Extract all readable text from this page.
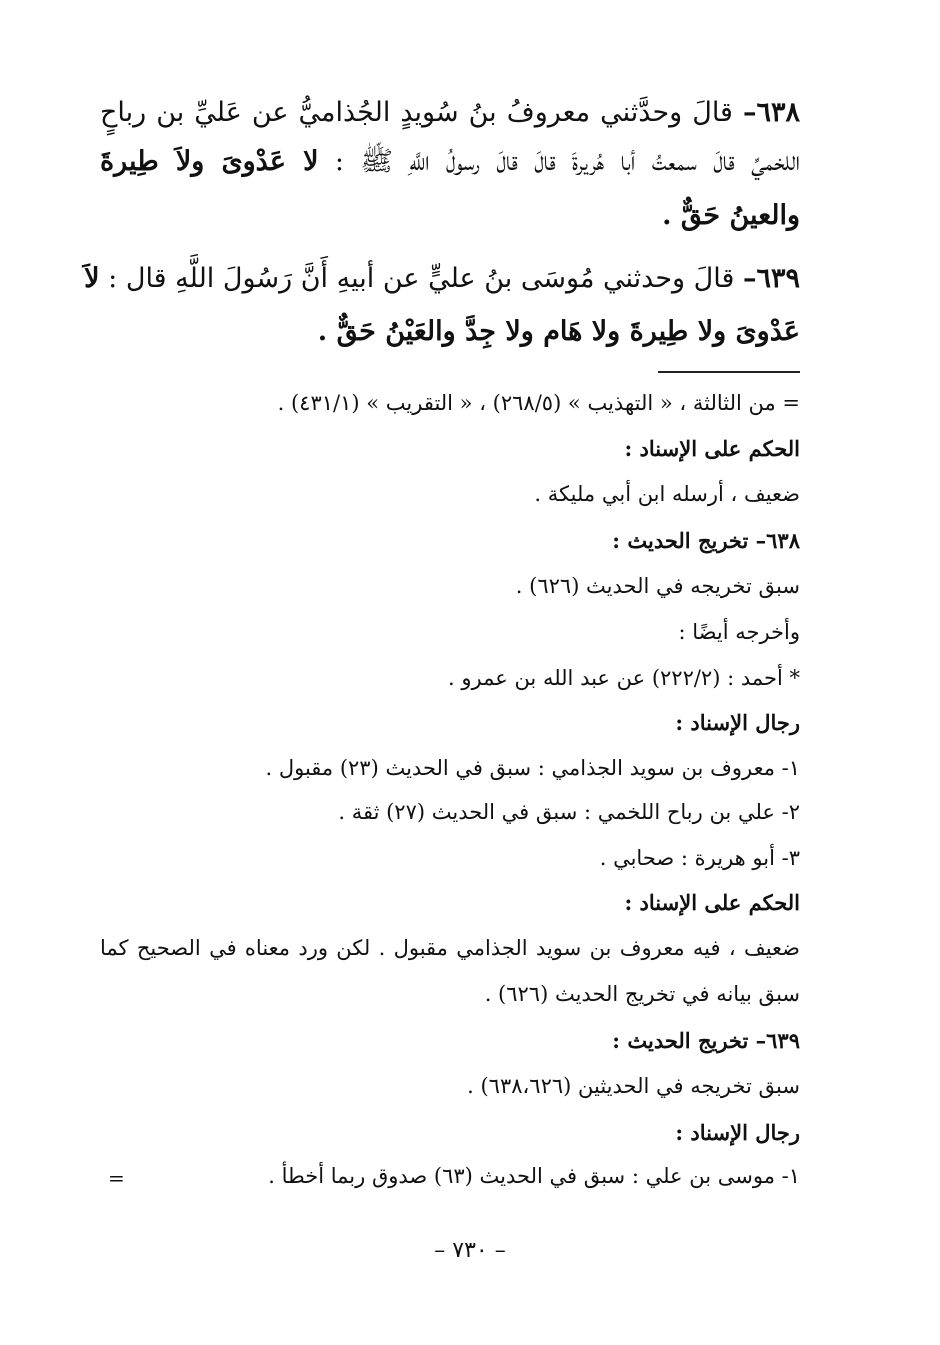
٦٣٨– قالَ وحدَّثني معروفُ بنُ سُويدٍ الجُذاميُّ عن عَليِّ بن رباحٍ
اللخميِّ قالَ سمعتُ أبا هُريرةَ قالَ قالَ رسولُ اللَّهِ ﷺ : لا عَدْوىَ ولاَ طِيرةَ
والعينُ حَقٌّ .
٦٣٩– قالَ وحدثني مُوسَى بنُ عليٍّ عن أبيهِ أَنَّ رَسُولَ اللَّهِ قال : لاَ
عَدْوىَ ولا طِيرةَ ولا هَام ولا جِدَّ والعَيْنُ حَقٌّ .
= من الثالثة ، « التهذيب » (٢٦٨/٥) ، « التقريب » (٤٣١/١) .
الحكم على الإسناد :
ضعيف ، أرسله ابن أبي مليكة .
٦٣٨– تخريج الحديث :
سبق تخريجه في الحديث (٦٢٦) .
وأخرجه أيضًا :
* أحمد : (٢٢٢/٢) عن عبد الله بن عمرو .
رجال الإسناد :
١- معروف بن سويد الجذامي : سبق في الحديث (٢٣) مقبول .
٢- علي بن رباح اللخمي : سبق في الحديث (٢٧) ثقة .
٣- أبو هريرة : صحابي .
الحكم على الإسناد :
ضعيف ، فيه معروف بن سويد الجذامي مقبول . لكن ورد معناه في الصحيح كما
سبق بيانه في تخريج الحديث (٦٢٦) .
٦٣٩– تخريج الحديث :
سبق تخريجه في الحديثين (٦٣٨،٦٢٦) .
رجال الإسناد :
١- موسى بن علي : سبق في الحديث (٦٣) صدوق ربما أخطأ .
=
– ٧٣٠ –
